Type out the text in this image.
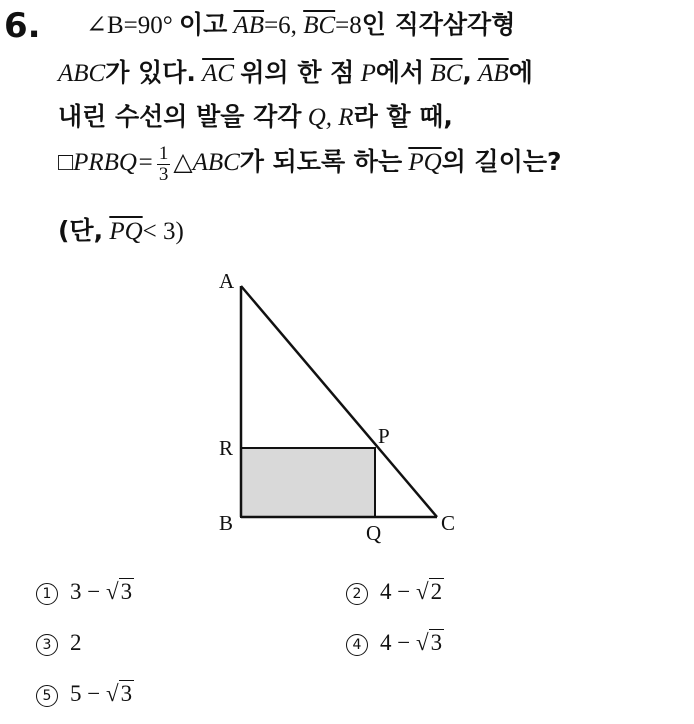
6. ∠B=90° 이고 $\overline{AB}=6$, $\overline{BC}=8$인 직각삼각형
ABC가 있다. $\overline{AC}$ 위의 한 점 P에서 $\overline{BC}$, $\overline{AB}$에
내린 수선의 발을 각각 Q, R라 할 때,
□PRBQ= $\frac{1}{3}$ △ABC가 되도록 하는 $\overline{PQ}$의 길이는?
(단, $\overline{PQ}< 3$)
A
B	C
P
Q
R
1 3 − √3	2 4 − √2
3 2	4 4 − √3
5 5 − √3
